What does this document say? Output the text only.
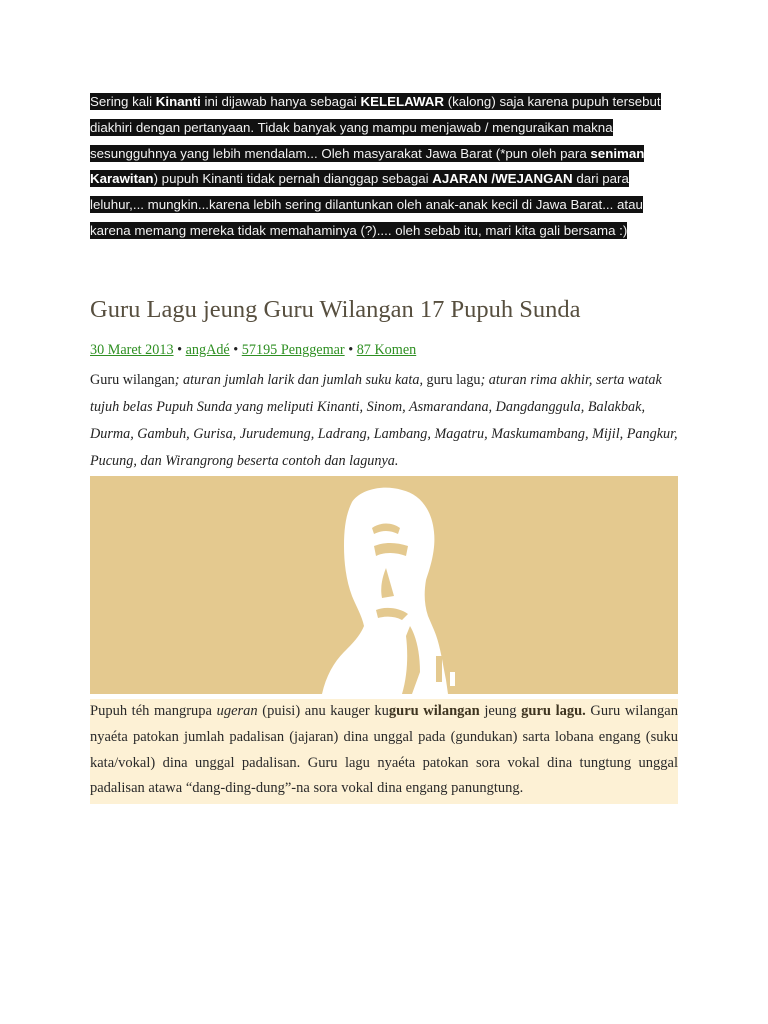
Sering kali Kinanti ini dijawab hanya sebagai KELELAWAR (kalong) saja karena pupuh tersebut diakhiri dengan pertanyaan. Tidak banyak yang mampu menjawab / menguraikan makna sesungguhnya yang lebih mendalam... Oleh masyarakat Jawa Barat (*pun oleh para seniman Karawitan) pupuh Kinanti tidak pernah dianggap sebagai AJARAN /WEJANGAN dari para leluhur,... mungkin...karena lebih sering dilantunkan oleh anak-anak kecil di Jawa Barat... atau karena memang mereka tidak memahaminya (?).... oleh sebab itu, mari kita gali bersama :)
Guru Lagu jeung Guru Wilangan 17 Pupuh Sunda
30 Maret 2013 • angAdé • 57195 Penggemar • 87 Komen
Guru wilangan; aturan jumlah larik dan jumlah suku kata, guru lagu; aturan rima akhir, serta watak tujuh belas Pupuh Sunda yang meliputi Kinanti, Sinom, Asmarandana, Dangdanggula, Balakbak, Durma, Gambuh, Gurisa, Jurudemung, Ladrang, Lambang, Magatru, Maskumambang, Mijil, Pangkur, Pucung, dan Wirangrong beserta contoh dan lagunya.

Pupuh téh mangrupa ugeran (puisi) anu kauger kuguru wilangan jeung guru lagu. Guru wilangan nyaéta patokan jumlah padalisan (jajaran) dina unggal pada (gundukan) sarta lobana engang (suku kata/vokal) dina unggal padalisan. Guru lagu nyaéta patokan sora vokal dina tungtung unggal padalisan atawa “dang-ding-dung”-na sora vokal dina engang panungtung.
